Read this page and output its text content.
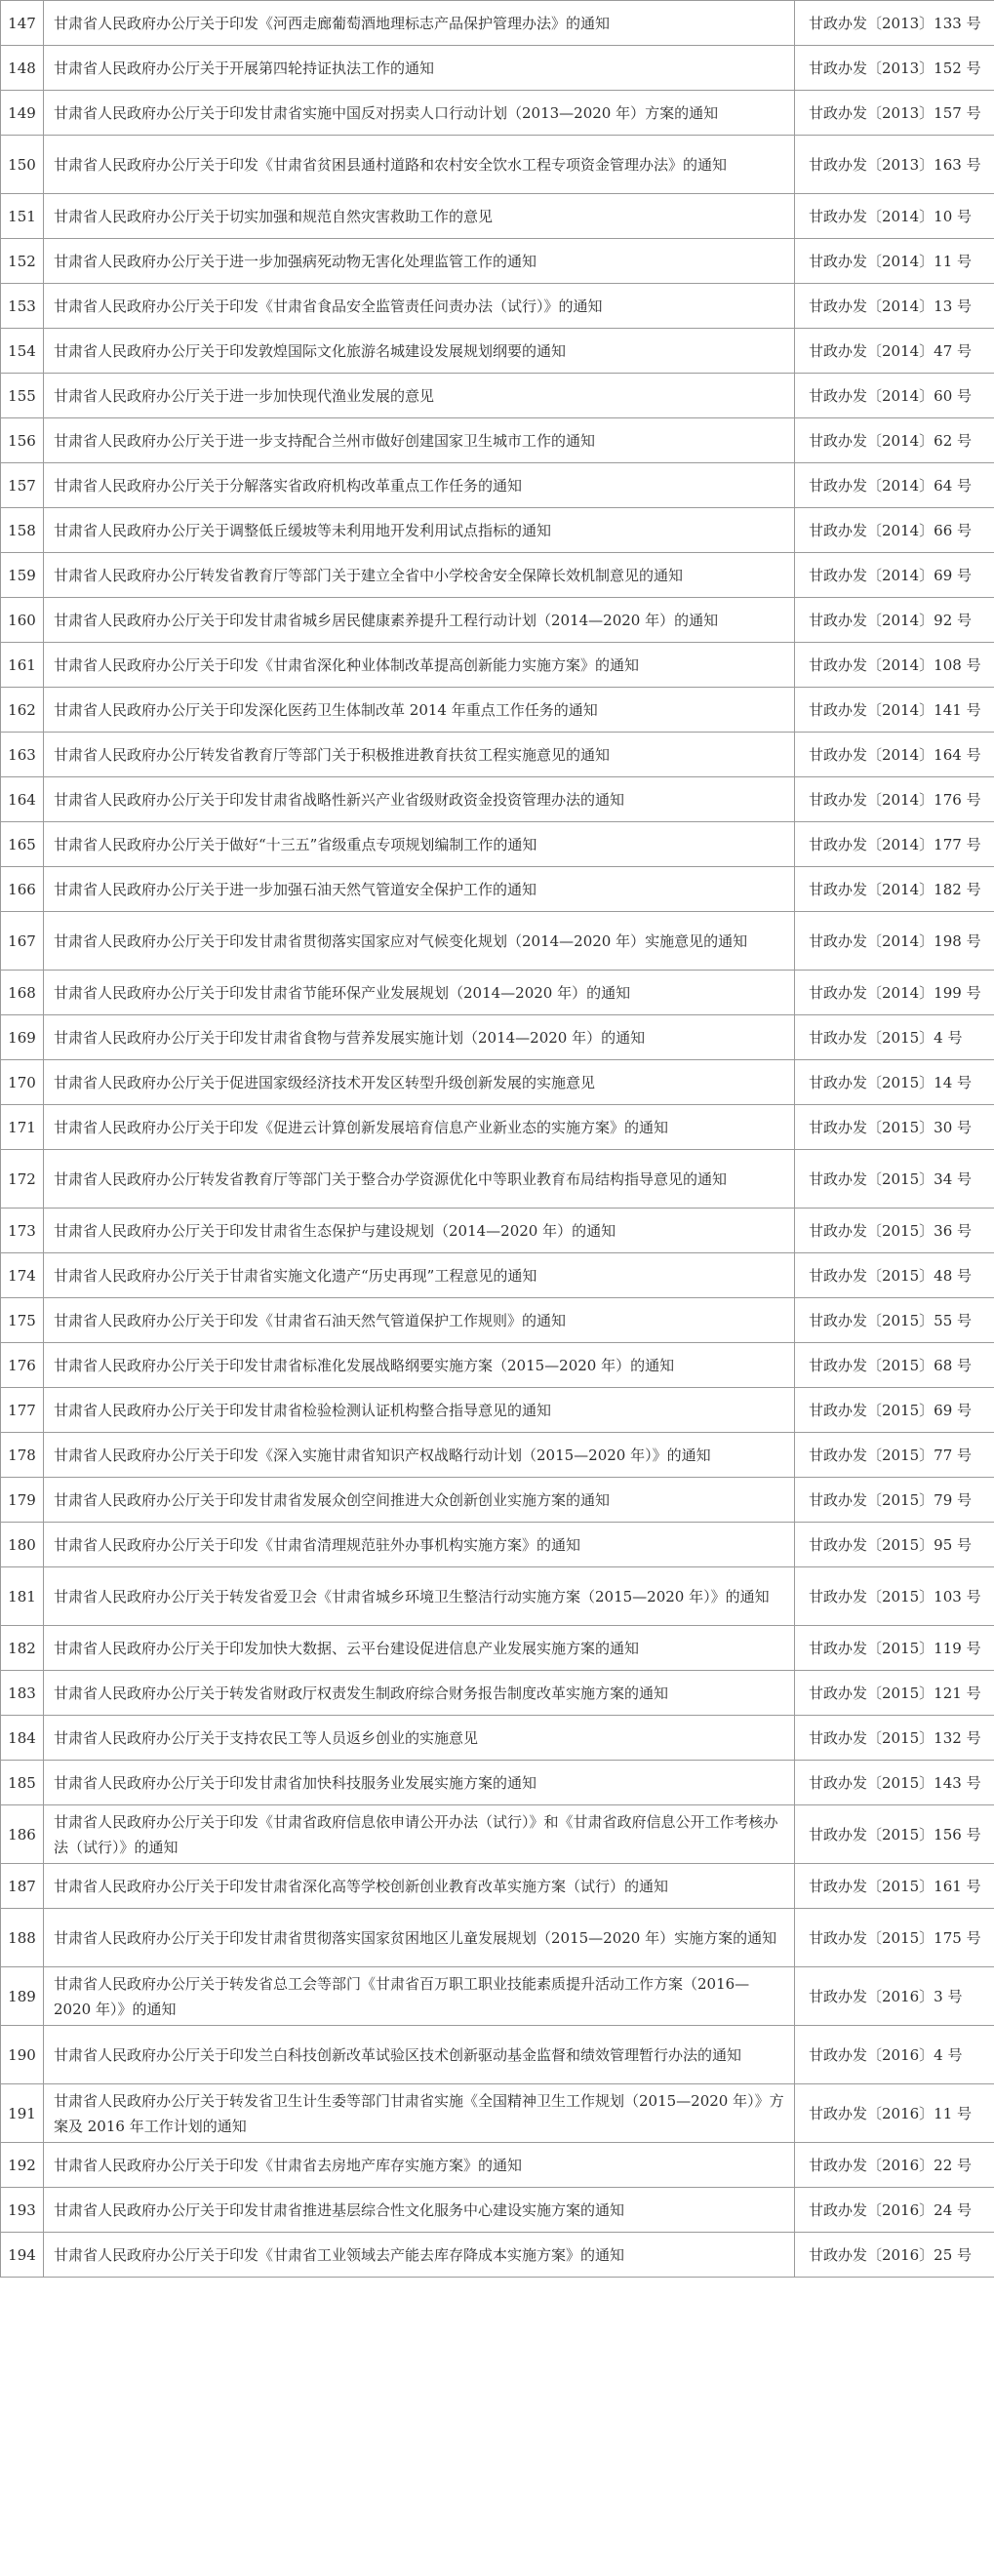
147	甘肃省人民政府办公厅关于印发《河西走廊葡萄酒地理标志产品保护管理办法》的通知	甘政办发〔2013〕133 号
148	甘肃省人民政府办公厅关于开展第四轮持证执法工作的通知	甘政办发〔2013〕152 号
149	甘肃省人民政府办公厅关于印发甘肃省实施中国反对拐卖人口行动计划（2013—2020 年）方案的通知	甘政办发〔2013〕157 号
150	甘肃省人民政府办公厅关于印发《甘肃省贫困县通村道路和农村安全饮水工程专项资金管理办法》的通知	甘政办发〔2013〕163 号
151	甘肃省人民政府办公厅关于切实加强和规范自然灾害救助工作的意见	甘政办发〔2014〕10 号
152	甘肃省人民政府办公厅关于进一步加强病死动物无害化处理监管工作的通知	甘政办发〔2014〕11 号
153	甘肃省人民政府办公厅关于印发《甘肃省食品安全监管责任问责办法（试行）》的通知	甘政办发〔2014〕13 号
154	甘肃省人民政府办公厅关于印发敦煌国际文化旅游名城建设发展规划纲要的通知	甘政办发〔2014〕47 号
155	甘肃省人民政府办公厅关于进一步加快现代渔业发展的意见	甘政办发〔2014〕60 号
156	甘肃省人民政府办公厅关于进一步支持配合兰州市做好创建国家卫生城市工作的通知	甘政办发〔2014〕62 号
157	甘肃省人民政府办公厅关于分解落实省政府机构改革重点工作任务的通知	甘政办发〔2014〕64 号
158	甘肃省人民政府办公厅关于调整低丘缓坡等未利用地开发利用试点指标的通知	甘政办发〔2014〕66 号
159	甘肃省人民政府办公厅转发省教育厅等部门关于建立全省中小学校舍安全保障长效机制意见的通知	甘政办发〔2014〕69 号
160	甘肃省人民政府办公厅关于印发甘肃省城乡居民健康素养提升工程行动计划（2014—2020 年）的通知	甘政办发〔2014〕92 号
161	甘肃省人民政府办公厅关于印发《甘肃省深化种业体制改革提高创新能力实施方案》的通知	甘政办发〔2014〕108 号
162	甘肃省人民政府办公厅关于印发深化医药卫生体制改革 2014 年重点工作任务的通知	甘政办发〔2014〕141 号
163	甘肃省人民政府办公厅转发省教育厅等部门关于积极推进教育扶贫工程实施意见的通知	甘政办发〔2014〕164 号
164	甘肃省人民政府办公厅关于印发甘肃省战略性新兴产业省级财政资金投资管理办法的通知	甘政办发〔2014〕176 号
165	甘肃省人民政府办公厅关于做好“十三五”省级重点专项规划编制工作的通知	甘政办发〔2014〕177 号
166	甘肃省人民政府办公厅关于进一步加强石油天然气管道安全保护工作的通知	甘政办发〔2014〕182 号
167	甘肃省人民政府办公厅关于印发甘肃省贯彻落实国家应对气候变化规划（2014—2020 年）实施意见的通知	甘政办发〔2014〕198 号
168	甘肃省人民政府办公厅关于印发甘肃省节能环保产业发展规划（2014—2020 年）的通知	甘政办发〔2014〕199 号
169	甘肃省人民政府办公厅关于印发甘肃省食物与营养发展实施计划（2014—2020 年）的通知	甘政办发〔2015〕4 号
170	甘肃省人民政府办公厅关于促进国家级经济技术开发区转型升级创新发展的实施意见	甘政办发〔2015〕14 号
171	甘肃省人民政府办公厅关于印发《促进云计算创新发展培育信息产业新业态的实施方案》的通知	甘政办发〔2015〕30 号
172	甘肃省人民政府办公厅转发省教育厅等部门关于整合办学资源优化中等职业教育布局结构指导意见的通知	甘政办发〔2015〕34 号
173	甘肃省人民政府办公厅关于印发甘肃省生态保护与建设规划（2014—2020 年）的通知	甘政办发〔2015〕36 号
174	甘肃省人民政府办公厅关于甘肃省实施文化遗产“历史再现”工程意见的通知	甘政办发〔2015〕48 号
175	甘肃省人民政府办公厅关于印发《甘肃省石油天然气管道保护工作规则》的通知	甘政办发〔2015〕55 号
176	甘肃省人民政府办公厅关于印发甘肃省标准化发展战略纲要实施方案（2015—2020 年）的通知	甘政办发〔2015〕68 号
177	甘肃省人民政府办公厅关于印发甘肃省检验检测认证机构整合指导意见的通知	甘政办发〔2015〕69 号
178	甘肃省人民政府办公厅关于印发《深入实施甘肃省知识产权战略行动计划（2015—2020 年）》的通知	甘政办发〔2015〕77 号
179	甘肃省人民政府办公厅关于印发甘肃省发展众创空间推进大众创新创业实施方案的通知	甘政办发〔2015〕79 号
180	甘肃省人民政府办公厅关于印发《甘肃省清理规范驻外办事机构实施方案》的通知	甘政办发〔2015〕95 号
181	甘肃省人民政府办公厅关于转发省爱卫会《甘肃省城乡环境卫生整洁行动实施方案（2015—2020 年）》的通知	甘政办发〔2015〕103 号
182	甘肃省人民政府办公厅关于印发加快大数据、云平台建设促进信息产业发展实施方案的通知	甘政办发〔2015〕119 号
183	甘肃省人民政府办公厅关于转发省财政厅权责发生制政府综合财务报告制度改革实施方案的通知	甘政办发〔2015〕121 号
184	甘肃省人民政府办公厅关于支持农民工等人员返乡创业的实施意见	甘政办发〔2015〕132 号
185	甘肃省人民政府办公厅关于印发甘肃省加快科技服务业发展实施方案的通知	甘政办发〔2015〕143 号
186	甘肃省人民政府办公厅关于印发《甘肃省政府信息依申请公开办法（试行）》和《甘肃省政府信息公开工作考核办法（试行）》的通知	甘政办发〔2015〕156 号
187	甘肃省人民政府办公厅关于印发甘肃省深化高等学校创新创业教育改革实施方案（试行）的通知	甘政办发〔2015〕161 号
188	甘肃省人民政府办公厅关于印发甘肃省贯彻落实国家贫困地区儿童发展规划（2015—2020 年）实施方案的通知	甘政办发〔2015〕175 号
189	甘肃省人民政府办公厅关于转发省总工会等部门《甘肃省百万职工职业技能素质提升活动工作方案（2016—2020 年）》的通知	甘政办发〔2016〕3 号
190	甘肃省人民政府办公厅关于印发兰白科技创新改革试验区技术创新驱动基金监督和绩效管理暂行办法的通知	甘政办发〔2016〕4 号
191	甘肃省人民政府办公厅关于转发省卫生计生委等部门甘肃省实施《全国精神卫生工作规划（2015—2020 年）》方案及 2016 年工作计划的通知	甘政办发〔2016〕11 号
192	甘肃省人民政府办公厅关于印发《甘肃省去房地产库存实施方案》的通知	甘政办发〔2016〕22 号
193	甘肃省人民政府办公厅关于印发甘肃省推进基层综合性文化服务中心建设实施方案的通知	甘政办发〔2016〕24 号
194	甘肃省人民政府办公厅关于印发《甘肃省工业领域去产能去库存降成本实施方案》的通知	甘政办发〔2016〕25 号
